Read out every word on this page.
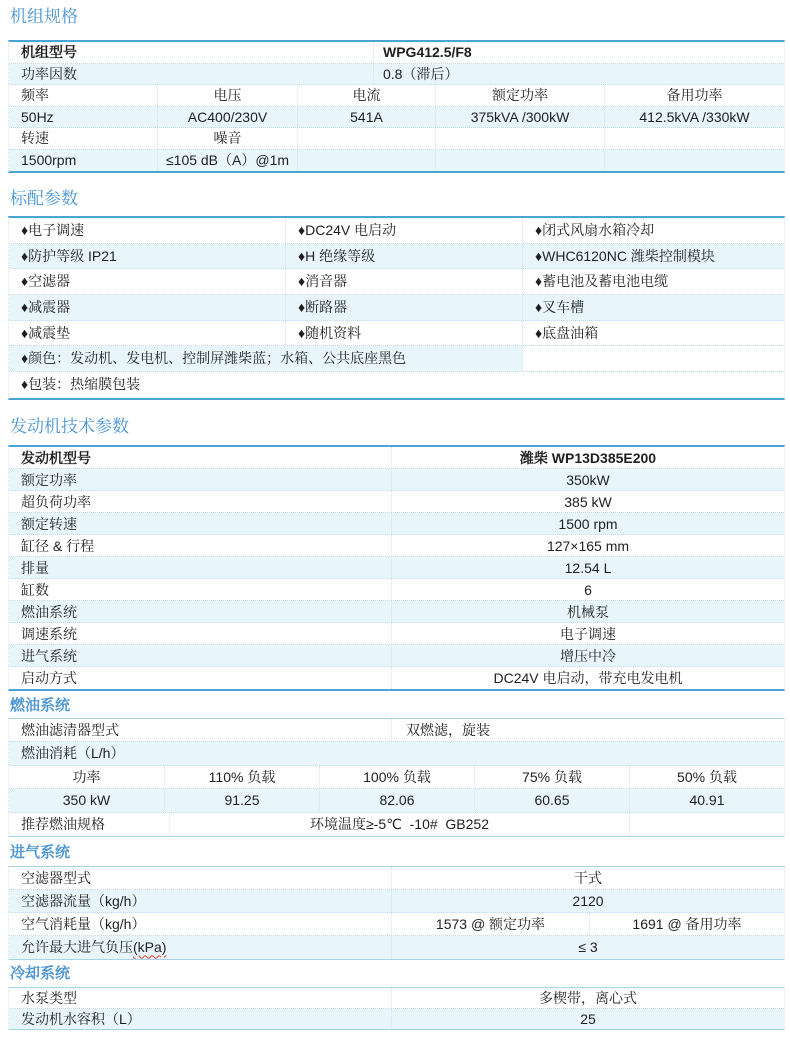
机组规格
机组型号	WPG412.5/F8
功率因数	0.8（滞后）
频率	电压	电流	额定功率	备用功率
50Hz	AC400/230V	541A	375kVA /300kW	412.5kVA /330kW
转速	噪音
1500rpm	≤105 dB（A）@1m
标配参数
♦电子调速	♦DC24V 电启动	♦闭式风扇水箱冷却
♦防护等级 IP21	♦H 绝缘等级	♦WHC6120NC 潍柴控制模块
♦空滤器	♦消音器	♦蓄电池及蓄电池电缆
♦减震器	♦断路器	♦叉车槽
♦减震垫	♦随机资料	♦底盘油箱
♦颜色：发动机、发电机、控制屏潍柴蓝；水箱、公共底座黑色
♦包装：热缩膜包装
发动机技术参数
发动机型号	潍柴 WP13D385E200
额定功率	350kW
超负荷功率	385 kW
额定转速	1500 rpm
缸径 & 行程	127×165 mm
排量	12.54 L
缸数	6
燃油系统	机械泵
调速系统	电子调速
进气系统	增压中冷
启动方式	DC24V 电启动，带充电发电机
燃油系统
燃油滤清器型式	双燃滤，旋装
燃油消耗（L/h）
功率	110% 负载	100% 负载	75% 负载	50% 负载
350 kW	91.25	82.06	60.65	40.91
推荐燃油规格	环境温度≥-5℃  -10#  GB252
进气系统
空滤器型式	干式
空滤器流量（kg/h）	2120
空气消耗量（kg/h）	1573 @ 额定功率	1691 @ 备用功率
允许最大进气负压(kPa)	≤ 3
冷却系统
水泵类型	多楔带，离心式
发动机水容积（L）	25
